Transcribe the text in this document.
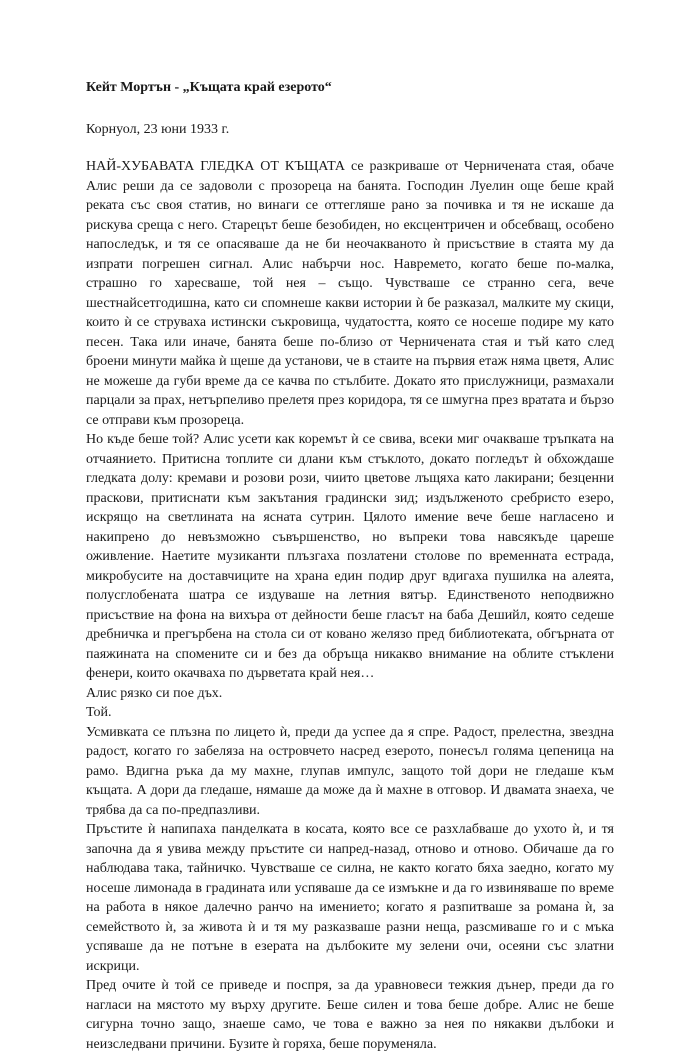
Кейт Мортън - „Къщата край езерото“

Корнуол, 23 юни 1933 г.

НАЙ-ХУБАВАТА ГЛЕДКА ОТ КЪЩАТА се разкриваше от Черничената стая, обаче Алис реши да се задоволи с прозореца на банята. Господин Луелин още беше край реката със своя статив, но винаги се оттегляше рано за почивка и тя не искаше да рискува среща с него. Старецът беше безобиден, но ексцентричен и обсебващ, особено напоследък, и тя се опасяваше да не би неочакваното ѝ присъствие в стаята му да изпрати погрешен сигнал. Алис набърчи нос. Навремето, когато беше по-малка, страшно го харесваше, той нея – също. Чувстваше се странно сега, вече шестнайсетгодишна, като си спомнеше какви истории ѝ бе разказал, малките му скици, които ѝ се струваха истински съкровища, чудатостта, която се носеше подире му като песен. Така или иначе, банята беше по-близо от Черничената стая и тъй като след броени минути майка ѝ щеше да установи, че в стаите на първия етаж няма цветя, Алис не можеше да губи време да се качва по стълбите. Докато ято прислужници, размахали парцали за прах, нетърпеливо прелетя през коридора, тя се шмугна през вратата и бързо се отправи към прозореца.

Но къде беше той? Алис усети как коремът ѝ се свива, всеки миг очакваше тръпката на отчаянието. Притисна топлите си длани към стъклото, докато погледът ѝ обхождаше гледката долу: кремави и розови рози, чиито цветове лъщяха като лакирани; безценни праскови, притиснати към закътания градински зид; издълженото сребристо езеро, искрящо на светлината на ясната сутрин. Цялото имение вече беше нагласено и накипрено до невъзможно съвършенство, но въпреки това навсякъде цареше оживление. Наетите музиканти плъзгаха позлатени столове по временната естрада, микробусите на доставчиците на храна един подир друг вдигаха пушилка на алеята, полусглобената шатра се издуваше на летния вятър. Единственото неподвижно присъствие на фона на вихъра от дейности беше гласът на баба Дешийл, която седеше дребничка и прегърбена на стола си от ковано желязо пред библиотеката, обгърната от паяжината на спомените си и без да обръща никакво внимание на облите стъклени фенери, които окачваха по дърветата край нея…

Алис рязко си пое дъх.

Той.

Усмивката се плъзна по лицето ѝ, преди да успее да я спре. Радост, прелестна, звездна радост, когато го забеляза на островчето насред езерото, понесъл голяма цепеница на рамо. Вдигна ръка да му махне, глупав импулс, защото той дори не гледаше към къщата. А дори да гледаше, нямаше да може да ѝ махне в отговор. И двамата знаеха, че трябва да са по-предпазливи.

Пръстите ѝ напипаха панделката в косата, която все се разхлабваше до ухото ѝ, и тя започна да я увива между пръстите си напред-назад, отново и отново. Обичаше да го наблюдава така, тайничко. Чувстваше се силна, не както когато бяха заедно, когато му носеше лимонада в градината или успяваше да се измъкне и да го извиняваше по време на работа в някое далечно ранчо на имението; когато я разпитваше за романа ѝ, за семейството ѝ, за живота ѝ и тя му разказваше разни неща, разсмиваше го и с мъка успяваше да не потъне в езерата на дълбоките му зелени очи, осеяни със златни искрици.

Пред очите ѝ той се приведе и поспря, за да уравновеси тежкия дънер, преди да го нагласи на мястото му върху другите. Беше силен и това беше добре. Алис не беше сигурна точно защо, знаеше само, че това е важно за нея по някакви дълбоки и неизследвани причини. Бузите ѝ горяха, беше поруменяла.
